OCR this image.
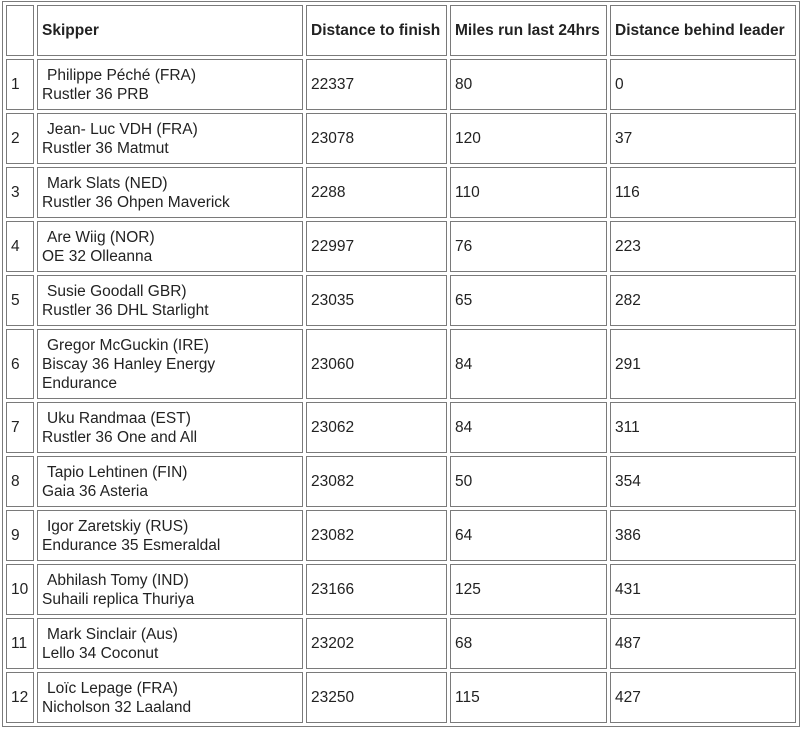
	Skipper	Distance to finish	Miles run last 24hrs	Distance behind leader
1	Philippe Péché (FRA)
Rustler 36 PRB	22337	80	0
2	Jean- Luc VDH (FRA)
Rustler 36 Matmut	23078	120	37
3	Mark Slats (NED)
Rustler 36 Ohpen Maverick	2288	110	116
4	Are Wiig (NOR)
OE 32 Olleanna	22997	76	223
5	Susie Goodall GBR)
Rustler 36 DHL Starlight	23035	65	282
6	Gregor McGuckin (IRE)
Biscay 36 Hanley Energy
Endurance	23060	84	291
7	Uku Randmaa (EST)
Rustler 36 One and All	23062	84	311
8	Tapio Lehtinen (FIN)
Gaia 36 Asteria	23082	50	354
9	Igor Zaretskiy (RUS)
Endurance 35 Esmeraldal	23082	64	386
10	Abhilash Tomy (IND)
Suhaili replica Thuriya	23166	125	431
11	Mark Sinclair (Aus)
Lello 34 Coconut	23202	68	487
12	Loïc Lepage (FRA)
Nicholson 32 Laaland	23250	115	427
